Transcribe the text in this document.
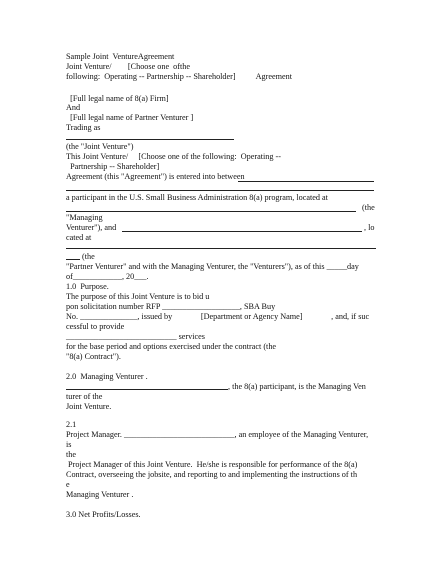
Sample Joint  VentureAgreement
Joint Venture/        [Choose one  ofthe
following:  Operating -- Partnership -- Shareholder]          Agreement
[Full legal name of 8(a) Firm]
And
[Full legal name of Partner Venturer ]
Trading as
(the "Joint Venture")
This Joint Venture/     [Choose one of the following:  Operating --
Partnership -- Shareholder]
Agreement (this "Agreement") is entered into between
a participant in the U.S. Small Business Administration 8(a) program, located at
(the
"Managing
Venturer"), and	, lo
cated at
(the
"Partner Venturer" and with the Managing Venturer, the "Venturers"), as of this _____day
of____________, 20___.
1.0  Purpose.
The purpose of this Joint Venture is to bid u
pon solicitation number RFP ___________________, SBA Buy
No. ______________, issued by              [Department or Agency Name]              , and, if suc
cessful to provide
___________________________ services
for the base period and options exercised under the contract (the
"8(a) Contract").
2.0  Managing Venturer .
, the 8(a) participant, is the Managing Ven
turer of the
Joint Venture.
2.1
Project Manager. ___________________________, an employee of the Managing Venturer,
is
the
Project Manager of this Joint Venture.  He/she is responsible for performance of the 8(a)
Contract, overseeing the jobsite, and reporting to and implementing the instructions of th
e
Managing Venturer .
3.0 Net Profits/Losses.
